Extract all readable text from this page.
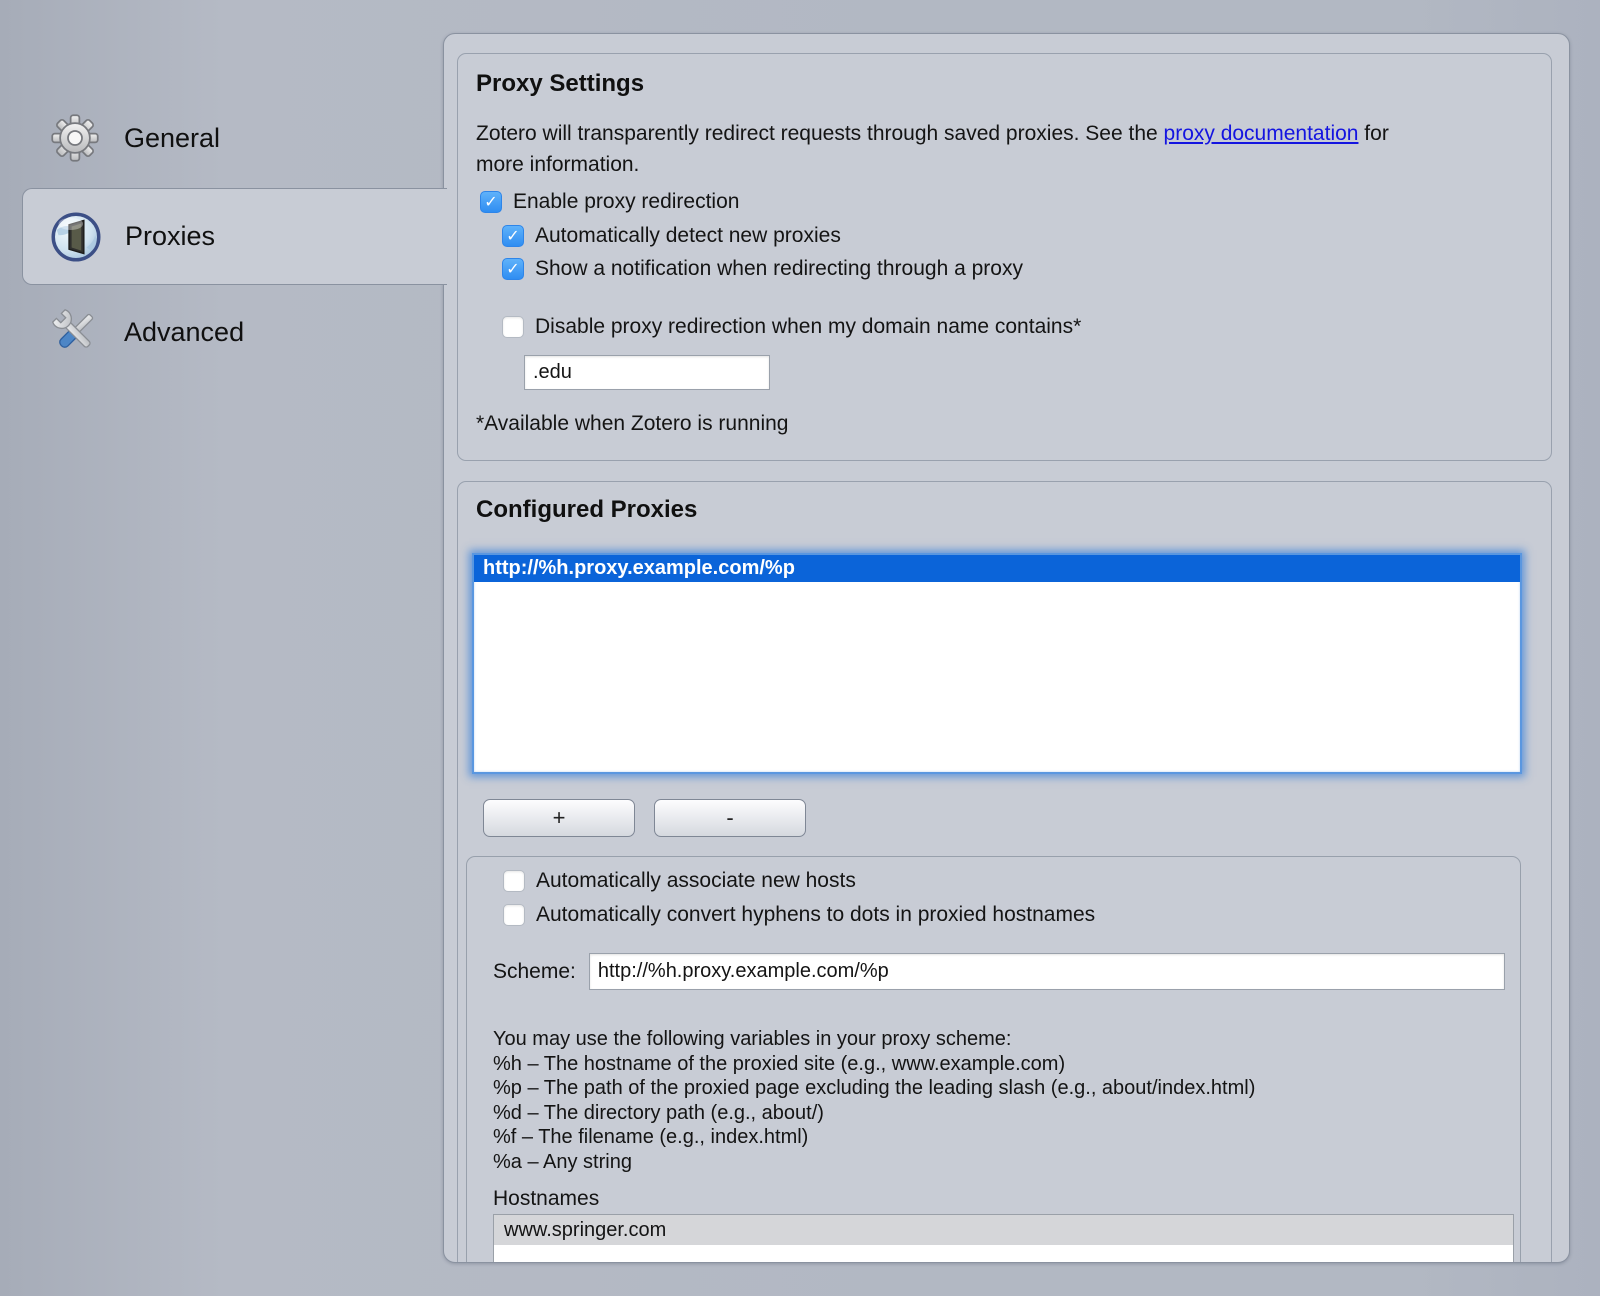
General
Proxies
Advanced
Proxy Settings
Zotero will transparently redirect requests through saved proxies. See the proxy documentation for
more information.
✓
Enable proxy redirection
✓
Automatically detect new proxies
✓
Show a notification when redirecting through a proxy
Disable proxy redirection when my domain name contains*
.edu
*Available when Zotero is running
Configured Proxies
http://%h.proxy.example.com/%p
+	-
Automatically associate new hosts
Automatically convert hyphens to dots in proxied hostnames
Scheme:
http://%h.proxy.example.com/%p
You may use the following variables in your proxy scheme:
%h – The hostname of the proxied site (e.g., www.example.com)
%p – The path of the proxied page excluding the leading slash (e.g., about/index.html)
%d – The directory path (e.g., about/)
%f – The filename (e.g., index.html)
%a – Any string
Hostnames
www.springer.com
